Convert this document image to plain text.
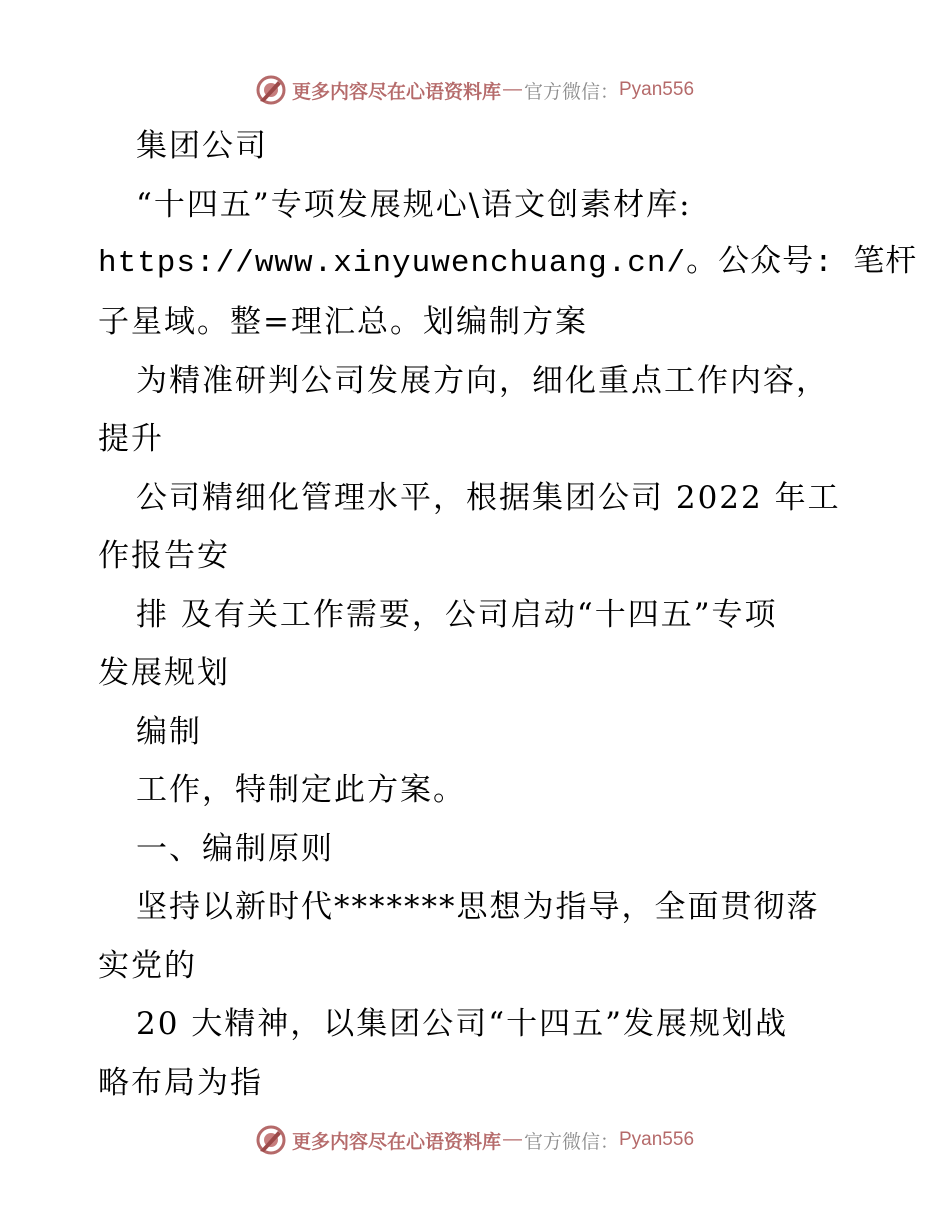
更多内容尽在心语资料库 — 官方微信： Pyan556
集团公司
“十四五”专项发展规心\语文创素材库:
https://www.xinyuwenchuang.cn/。公众号: 笔杆
子星域。整=理汇总。划编制方案
为精准研判公司发展方向，细化重点工作内容，
提升
公司精细化管理水平，根据集团公司 2022 年工
作报告安
排 及有关工作需要，公司启动“十四五”专项
发展规划
编制
工作，特制定此方案。
一、编制原则
坚持以新时代*******思想为指导，全面贯彻落
实党的
20 大精神，以集团公司“十四五”发展规划战
略布局为指
更多内容尽在心语资料库 — 官方微信： Pyan556
